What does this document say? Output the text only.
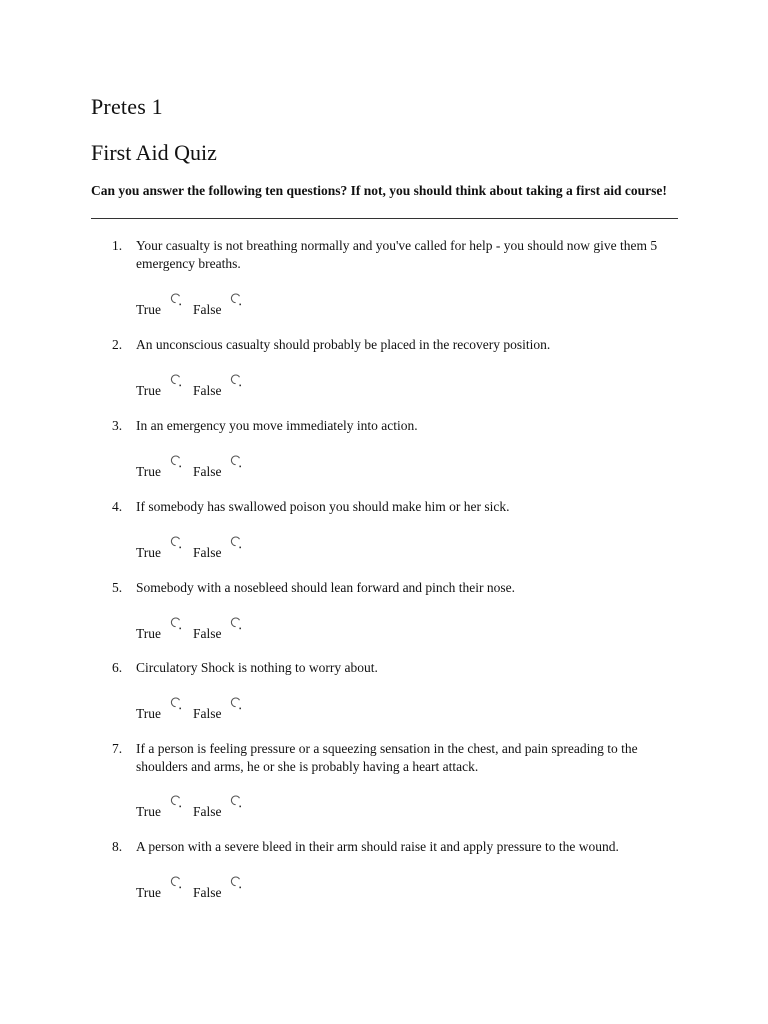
Pretes 1
First Aid Quiz
Can you answer the following ten questions? If not, you should think about taking a first aid course!
1. Your casualty is not breathing normally and you've called for help - you should now give them 5 emergency breaths.
True False
2. An unconscious casualty should probably be placed in the recovery position.
True False
3. In an emergency you move immediately into action.
True False
4. If somebody has swallowed poison you should make him or her sick.
True False
5. Somebody with a nosebleed should lean forward and pinch their nose.
True False
6. Circulatory Shock is nothing to worry about.
True False
7. If a person is feeling pressure or a squeezing sensation in the chest, and pain spreading to the shoulders and arms, he or she is probably having a heart attack.
True False
8. A person with a severe bleed in their arm should raise it and apply pressure to the wound.
True False
